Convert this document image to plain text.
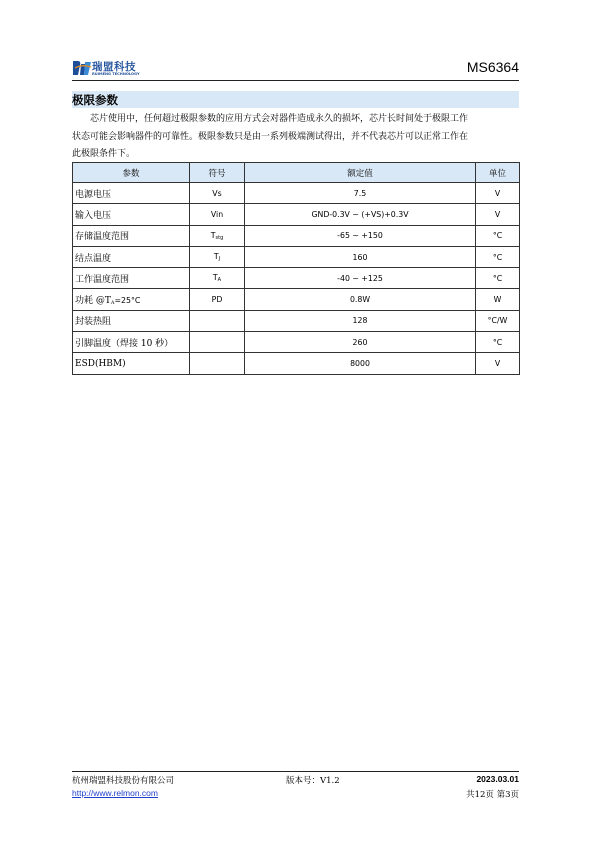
瑞盟科技
RUIMENG TECHNOLOGY	MS6364
极限参数
芯片使用中，任何超过极限参数的应用方式会对器件造成永久的损坏，芯片长时间处于极限工作
状态可能会影响器件的可靠性。极限参数只是由一系列极端测试得出，并不代表芯片可以正常工作在
此极限条件下。
参数	符号	额定值	单位
电源电压	Vs	7.5	V
输入电压	Vin	GND-0.3V ~ (+VS)+0.3V	V
存储温度范围	$T_{stg}$	-65 ~ +150	°C
结点温度	$T_J$	160	°C
工作温度范围	$T_A$	-40 ~ +125	°C
功耗 $@T_A=25^\circ C$	PD	0.8W	W
封装热阻		128	°C/W
引脚温度（焊接 10 秒）		260	°C
ESD(HBM)		8000	V
杭州瑞盟科技股份有限公司	版本号：V1.2	2023.03.01
http://www.relmon.com	共12页 第3页
